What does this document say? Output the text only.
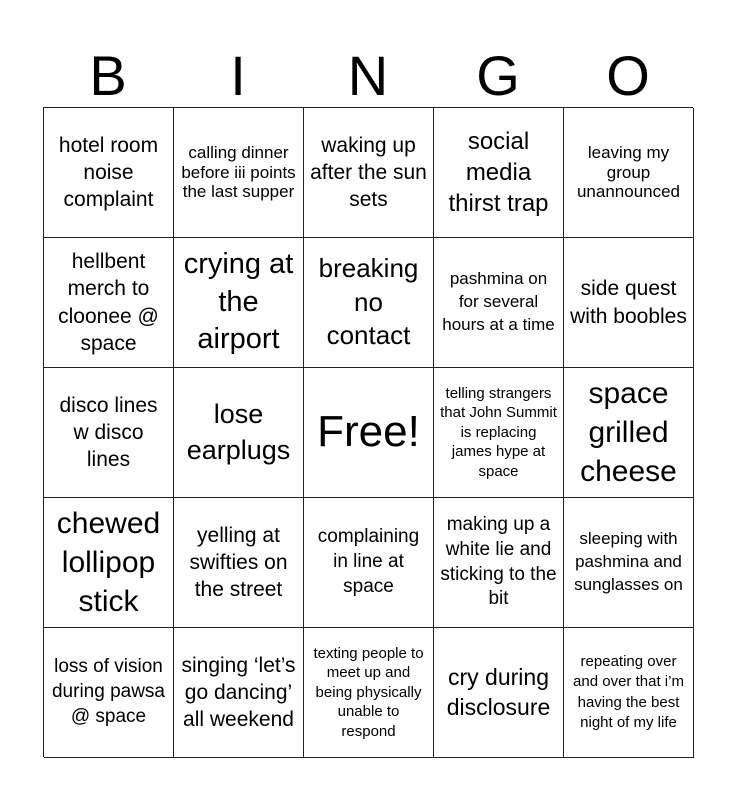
B	I	N	G	O
hotel room noise complaint
calling dinner before iii points the last supper
waking up after the sun sets
social media thirst trap
leaving my group unannounced
hellbent merch to cloonee @ space
crying at the airport
breaking no contact
pashmina on for several hours at a time
side quest with boobles
disco lines w disco lines
lose earplugs Free!
telling strangers that John Summit is replacing james hype at space
space grilled cheese
chewed lollipop stick
yelling at swifties on the street
complaining in line at space
making up a white lie and sticking to the bit
sleeping with pashmina and sunglasses on
loss of vision during pawsa @ space
singing ‘let’s go dancing’ all weekend
texting people to meet up and being physically unable to respond
cry during disclosure
repeating over and over that i’m having the best night of my life
